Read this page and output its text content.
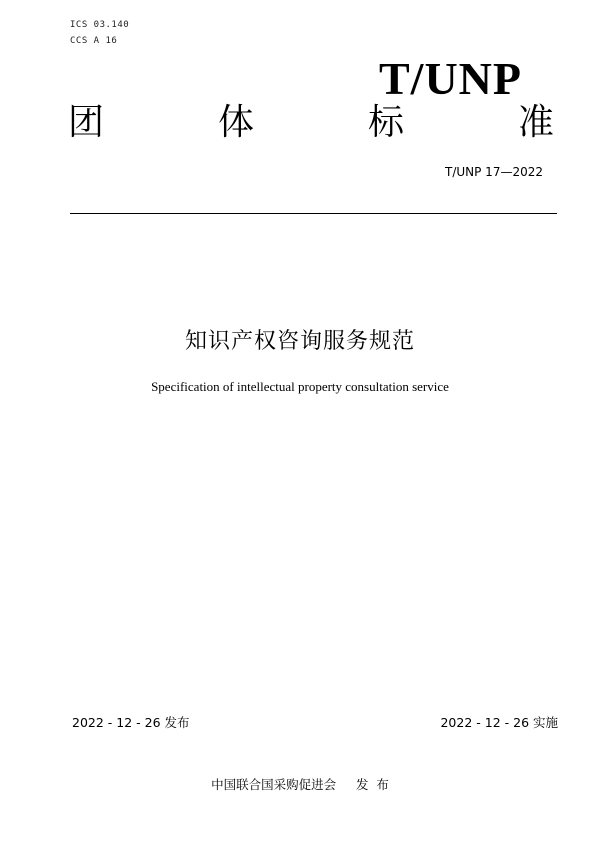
ICS 03.140
CCS A 16
T/UNP
团	体	标	准
T/UNP 17—2022
知识产权咨询服务规范
Specification of intellectual property consultation service
2022 - 12 - 26 发布	2022 - 12 - 26 实施
中国联合国采购促进会     发  布
